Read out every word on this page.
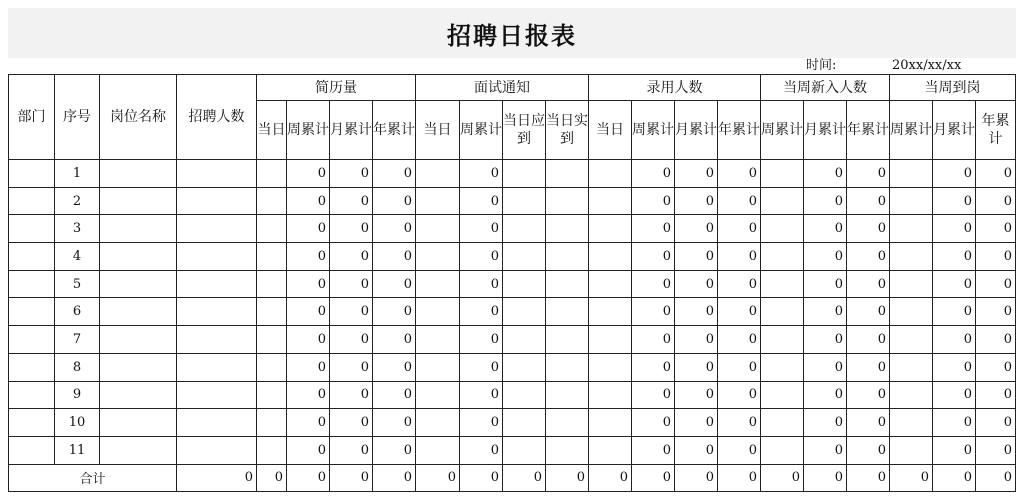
招聘日报表
时间:	20xx/xx/xx
部门	序号	岗位名称	招聘人数	简历量				面试通知				录用人数				当周新入人数			当周到岗		
				当日	周累计	月累计	年累计	当日	周累计	当日应到	当日实到	当日	周累计	月累计	年累计	周累计	月累计	年累计	周累计	月累计	年累计
	1				0	0	0		0				0	0	0		0	0		0	0
	2				0	0	0		0				0	0	0		0	0		0	0
	3				0	0	0		0				0	0	0		0	0		0	0
	4				0	0	0		0				0	0	0		0	0		0	0
	5				0	0	0		0				0	0	0		0	0		0	0
	6				0	0	0		0				0	0	0		0	0		0	0
	7				0	0	0		0				0	0	0		0	0		0	0
	8				0	0	0		0				0	0	0		0	0		0	0
	9				0	0	0		0				0	0	0		0	0		0	0
	10				0	0	0		0				0	0	0		0	0		0	0
	11				0	0	0		0				0	0	0		0	0		0	0
合计			0	0	0	0	0	0	0	0	0	0	0	0	0	0	0	0	0	0	0
